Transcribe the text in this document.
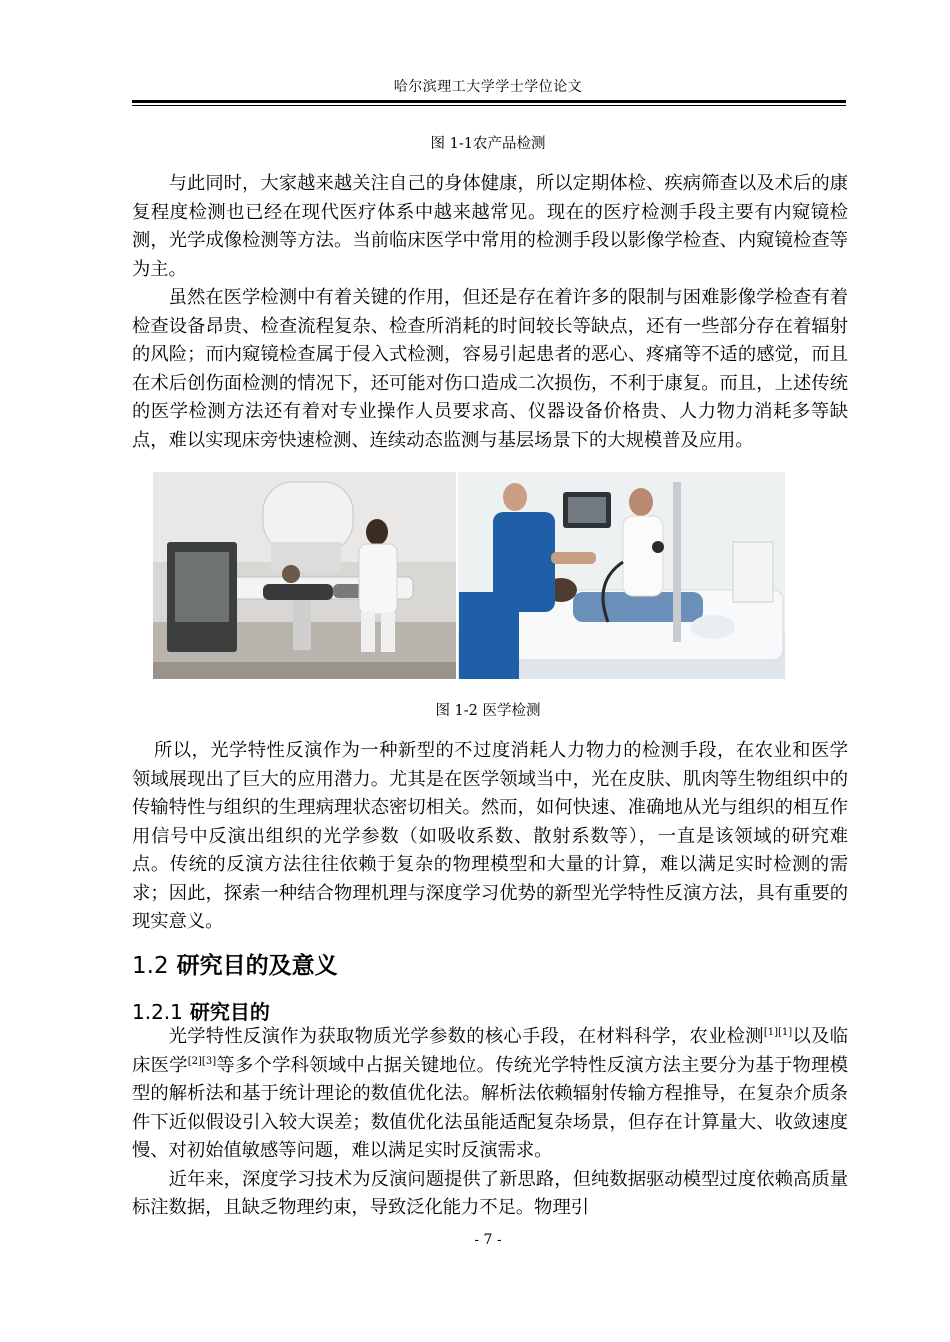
哈尔滨理工大学学士学位论文
图 1-1农产品检测

与此同时，大家越来越关注自己的身体健康，所以定期体检、疾病筛查以及术后的康复程度检测也已经在现代医疗体系中越来越常见。现在的医疗检测手段主要有内窥镜检测，光学成像检测等方法。当前临床医学中常用的检测手段以影像学检查、内窥镜检查等为主。

虽然在医学检测中有着关键的作用，但还是存在着许多的限制与困难影像学检查有着检查设备昂贵、检查流程复杂、检查所消耗的时间较长等缺点，还有一些部分存在着辐射的风险；而内窥镜检查属于侵入式检测，容易引起患者的恶心、疼痛等不适的感觉，而且在术后创伤面检测的情况下，还可能对伤口造成二次损伤，不利于康复。而且，上述传统的医学检测方法还有着对专业操作人员要求高、仪器设备价格贵、人力物力消耗多等缺点，难以实现床旁快速检测、连续动态监测与基层场景下的大规模普及应用。

图 1-2 医学检测

所以，光学特性反演作为一种新型的不过度消耗人力物力的检测手段，在农业和医学领域展现出了巨大的应用潜力。尤其是在医学领域当中，光在皮肤、肌肉等生物组织中的传输特性与组织的生理病理状态密切相关。然而，如何快速、准确地从光与组织的相互作用信号中反演出组织的光学参数（如吸收系数、散射系数等），一直是该领域的研究难点。传统的反演方法往往依赖于复杂的物理模型和大量的计算，难以满足实时检测的需求；因此，探索一种结合物理机理与深度学习优势的新型光学特性反演方法，具有重要的现实意义。

1.2 研究目的及意义
1.2.1 研究目的

光学特性反演作为获取物质光学参数的核心手段，在材料科学，农业检测[1][1]以及临床医学[2][3]等多个学科领域中占据关键地位。传统光学特性反演方法主要分为基于物理模型的解析法和基于统计理论的数值优化法。解析法依赖辐射传输方程推导，在复杂介质条件下近似假设引入较大误差；数值优化法虽能适配复杂场景，但存在计算量大、收敛速度慢、对初始值敏感等问题，难以满足实时反演需求。

近年来，深度学习技术为反演问题提供了新思路，但纯数据驱动模型过度依赖高质量标注数据，且缺乏物理约束，导致泛化能力不足。物理引

- 7 -
